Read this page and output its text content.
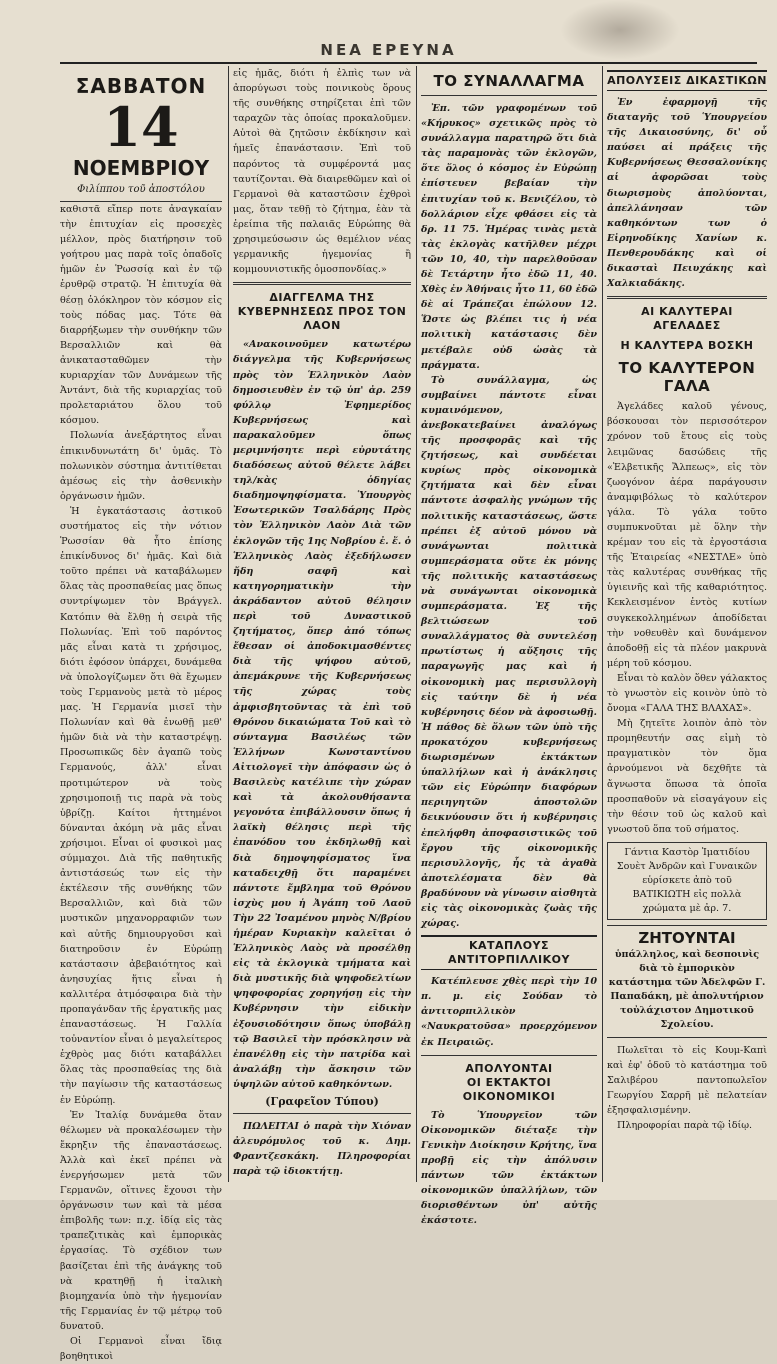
ΝΕΑ ΕΡΕΥΝΑ
ΣΑΒΒΑΤΟΝ
14
ΝΟΕΜΒΡΙΟΥ
Φιλίππου τοῦ ἀποστόλου

καθιστᾶ εἴπερ ποτε ἀναγκαίαν τὴν ἐπιτυχίαν εἰς προσεχὲς μέλλον, πρὸς διατήρησιν τοῦ γοήτρου μας παρὰ τοῖς ὀπαδοῖς ἡμῶν ἐν Ῥωσσίᾳ καὶ ἐν τῷ ἐρυθρῷ στρατῷ. Ἡ ἐπιτυχία θὰ θέσῃ ὁλόκληρον τὸν κόσμον εἰς τοὺς πόδας μας. Τότε θὰ διαρρήξωμεν τὴν συνθήκην τῶν Βερσαλλιῶν καὶ θὰ ἀνικατασταθῶμεν τὴν κυριαρχίαν τῶν Δυνάμεων τῆς Ἀντάντ, διὰ τῆς κυριαρχίας τοῦ προλεταριάτου ὅλου τοῦ κόσμου.

Πολωνία ἀνεξάρτητος εἶναι ἐπικινδυνωτάτη δι' ὑμᾶς. Τὸ πολωνικὸν σύστημα ἀντιτίθεται ἀμέσως εἰς τὴν ἀσθενικὴν ὀργάνωσιν ἡμῶν.

Ἡ ἐγκατάστασις ἀστικοῦ συστήματος εἰς τὴν νότιον Ῥωσσίαν θὰ ἦτο ἐπίσης ἐπικίνδυνος δι' ἡμᾶς. Καὶ διὰ τοῦτο πρέπει νὰ καταβάλωμεν ὅλας τὰς προσπαθείας μας ὅπως συντρίψωμεν τὸν Βράγγελ. Κατόπιν θὰ ἔλθῃ ἡ σειρὰ τῆς Πολωνίας. Ἐπὶ τοῦ παρόντος μᾶς εἶναι κατὰ τι χρήσιμος, διότι ἐφόσον ὑπάρχει, δυνάμεθα νὰ ὑπολογίζωμεν ὅτι θὰ ἔχωμεν τοὺς Γερμανοὺς μετὰ τὸ μέρος μας. Ἡ Γερμανία μισεῖ τὴν Πολωνίαν καὶ θὰ ἑνωθῇ μεθ' ἡμῶν διὰ νὰ τὴν καταστρέψῃ. Προσωπικῶς δὲν ἀγαπῶ τοὺς Γερμανούς, ἀλλ' εἶναι προτιμώτερον νὰ τοὺς χρησιμοποιῇ τις παρὰ νὰ τοὺς ὑβρίζῃ. Καίτοι ἡττημένοι δύνανται ἀκόμη νὰ μᾶς εἶναι χρήσιμοι. Εἶναι οἱ φυσικοὶ μας σύμμαχοι. Διὰ τῆς παθητικῆς ἀντιστάσεώς των εἰς τὴν ἐκτέλεσιν τῆς συνθήκης τῶν Βερσαλλιῶν, καὶ διὰ τῶν μυστικῶν μηχανορραφιῶν των καὶ αὐτῆς δημιουργοῦσι καὶ διατηροῦσιν ἐν Εὐρώπῃ κατάστασιν ἀβεβαιότητος καὶ ἀνησυχίας ἥτις εἶναι ἡ καλλιτέρα ἀτμόσφαιρα διὰ τὴν προπαγάνδαν τῆς ἐργατικῆς μας ἐπαναστάσεως. Ἡ Γαλλία τοὐναντίον εἶναι ὁ μεγαλείτερος ἐχθρὸς μας διότι καταβάλλει ὅλας τὰς προσπαθείας της διὰ τὴν παγίωσιν τῆς καταστάσεως ἐν Εὐρώπῃ.

Ἐν Ἰταλίᾳ δυνάμεθα ὅταν θέλωμεν νὰ προκαλέσωμεν τὴν ἔκρηξιν τῆς ἐπαναστάσεως. Ἀλλὰ καὶ ἐκεῖ πρέπει νὰ ἐνεργήσωμεν μετὰ τῶν Γερμανῶν, οἵτινες ἔχουσι τὴν ὀργάνωσιν των καὶ τὰ μέσα ἐπιβολῆς των: π.χ. ἰδίᾳ εἰς τὰς τραπεζιτικὰς καὶ ἐμπορικὰς ἐργασίας. Τὸ σχέδιον των βασίζεται ἐπὶ τῆς ἀνάγκης τοῦ νὰ κρατηθῇ ἡ ἰταλικὴ βιομηχανία ὑπὸ τὴν ἡγεμονίαν τῆς Γερμανίας ἐν τῷ μέτρῳ τοῦ δυνατοῦ.

Οἱ Γερμανοὶ εἶναι ἴδιᾳ βοηθητικοὶ

εἰς ἡμᾶς, διότι ἡ ἐλπὶς των νὰ ἀπορύγωσι τοὺς ποινικοὺς ὅρους τῆς συνθήκης στηρίζεται ἐπὶ τῶν ταραχῶν τὰς ὁποίας προκαλοῦμεν. Αὐτοὶ θὰ ζητῶσιν ἐκδίκησιν καὶ ἡμεῖς ἐπανάστασιν. Ἐπὶ τοῦ παρόντος τὰ συμφέροντά μας ταυτίζονται. Θὰ διαιρεθῶμεν καὶ οἱ Γερμανοὶ θὰ καταστῶσιν ἐχθροὶ μας, ὅταν τεθῇ τὸ ζήτημα, ἐὰν τὰ ἐρείπια τῆς παλαιᾶς Εὐρώπης θὰ χρησιμεύσωσιν ὡς θεμέλιον νέας γερμανικῆς ἡγεμονίας ἢ κομμουνιστικῆς ὁμοσπονδίας.»

ΔΙΑΓΓΕΛΜΑ ΤΗΣ ΚΥΒΕΡΝΗΣΕΩΣ ΠΡΟΣ ΤΟΝ ΛΑΟΝ

«Ανακοινοῦμεν κατωτέρω διάγγελμα τῆς Κυβερνήσεως πρὸς τὸν Ἑλληνικὸν Λαὸν δημοσιευθὲν ἐν τῷ ὑπ' ἀρ. 259 φύλλῳ Ἐφημερίδος Κυβερνήσεως καὶ παρακαλοῦμεν ὅπως μεριμνήσητε περὶ εὐρυτάτης διαδόσεως αὐτοῦ θέλετε λάβει τηλ/κὰς ὁδηγίας διαδημοψηφίσματα. Ὑπουργὸς Ἐσωτερικῶν Τσαλδάρης Πρὸς τὸν Ἑλληνικὸν Λαὸν Διὰ τῶν ἐκλογῶν τῆς 1ης Νοβρίου ἐ. ἔ. ὁ Ἑλληνικὸς Λαὸς ἐξεδήλωσεν ἤδη σαφῆ καὶ κατηγορηματικὴν τὴν ἀκράδαντον αὐτοῦ θέλησιν περὶ τοῦ Δυναστικοῦ ζητήματος, ὅπερ ἀπό τόπως ἔθεσαν οἱ ἀποδοκιμασθέντες διὰ τῆς ψήφου αὐτοῦ, ἀπεμάκρυνε τῆς Κυβερνήσεως τῆς χώρας τοὺς ἀμφισβητοῦντας τὰ ἐπὶ τοῦ Θρόνου δικαιώματα Τοῦ καὶ τὸ σύνταγμα Βασιλέως τῶν Ἑλλήνων Κωνσταντίνου Αἰτιολογεῖ τὴν ἀπόφασιν ὡς ὁ Βασιλεὺς κατέλιπε τὴν χώραν καὶ τὰ ἀκολουθήσαντα γεγονότα ἐπιβάλλουσιν ὅπως ἡ λαϊκὴ θέλησις περὶ τῆς ἐπανόδου του ἐκδηλωθῇ καὶ διὰ δημοψηφίσματος ἵνα καταδειχθῇ ὅτι παραμένει πάντοτε ἔμβλημα τοῦ Θρόνου ἰσχὺς μου ἡ Ἀγάπη τοῦ Λαοῦ Τὴν 22 Ἰσαμένου μηνὸς Ν/βρίου ἡμέραν Κυριακὴν καλεῖται ὁ Ἑλληνικὸς Λαὸς νὰ προσέλθῃ εἰς τὰ ἐκλογικὰ τμήματα καὶ διὰ μυστικῆς διὰ ψηφοδελτίων ψηφοφορίας χορηγήσῃ εἰς τὴν Κυβέρνησιν τὴν εἰδικὴν ἐξουσιοδότησιν ὅπως ὑποβάλῃ τῷ Βασιλεῖ τὴν πρόσκλησιν νὰ ἐπανέλθῃ εἰς τὴν πατρίδα καὶ ἀναλάβῃ τὴν ἄσκησιν τῶν ὑψηλῶν αὐτοῦ καθηκόντων.

(Γραφεῖον Τύπου)

ΠΩΛΕΙΤΑΙ ὁ παρὰ τὴν Χιόναν ἀλευρόμυλος τοῦ κ. Δημ. Φραντζεσκάκη. Πληροφορίαι παρὰ τῷ ἰδιοκτήτῃ.

ΤΟ ΣΥΝΑΛΛΑΓΜΑ

Ἐπ. τῶν γραφομένων τοῦ «Κήρυκος» σχετικῶς πρὸς τὸ συνάλλαγμα παρατηρῶ ὅτι διὰ τὰς παραμονὰς τῶν ἐκλογῶν, ὅτε ὅλος ὁ κόσμος ἐν Εὐρώπῃ ἐπίστευεν βεβαίαν τὴν ἐπιτυχίαν τοῦ κ. Βενιζέλου, τὸ δολλάριον εἶχε φθάσει εἰς τὰ δρ. 11 75. Ἡμέρας τινὰς μετὰ τὰς ἐκλογὰς κατῆλθεν μέχρι τῶν 10, 40, τὴν παρελθοῦσαν δὲ Τετάρτην ἦτο ἐδῶ 11, 40. Χθὲς ἐν Ἀθήναις ἦτο 11, 60 ἐδῶ δὲ αἱ Τράπεζαι ἐπώλουν 12. Ὥστε ὡς βλέπει τις ἡ νέα πολιτικὴ κατάστασις δὲν μετέβαλε οὐδ ὡσὰς τὰ πράγματα.

Τὸ συνάλλαγμα, ὡς συμβαίνει πάντοτε εἶναι κυμαινόμενον, ἀνεβοκατεβαίνει ἀναλόγως τῆς προσφορᾶς καὶ τῆς ζητήσεως, καὶ συνδέεται κυρίως πρὸς οἰκονομικὰ ζητήματα καὶ δὲν εἶναι πάντοτε ἀσφαλὴς γνώμων τῆς πολιτικῆς καταστάσεως, ὥστε πρέπει ἐξ αὐτοῦ μόνου νὰ συνάγωνται πολιτικὰ συμπεράσματα οὔτε ἐκ μόνης τῆς πολιτικῆς καταστάσεως νὰ συνάγωνται οἰκονομικὰ συμπεράσματα. Ἐξ τῆς βελτιώσεων τοῦ συναλλάγματος θὰ συντελέσῃ πρωτίστως ἡ αὔξησις τῆς παραγωγῆς μας καὶ ἡ οἰκονομικὴ μας περισυλλογὴ εἰς ταύτην δὲ ἡ νέα κυβέρνησις δέον νὰ ἀφοσιωθῇ. Ἡ πάθος δὲ ὅλων τῶν ὑπὸ τῆς προκατόχου κυβερνήσεως διωρισμένων ἐκτάκτων ὑπαλλήλων καὶ ἡ ἀνάκλησις τῶν εἰς Εὐρώπην διαφόρων περιηγητῶν ἀποστολῶν δεικνύουσιν ὅτι ἡ κυβέρνησις ἐπελήφθη ἀποφασιστικῶς τοῦ ἔργου τῆς οἰκονομικῆς περισυλλογῆς, ἧς τὰ ἀγαθὰ ἀποτελέσματα δὲν θὰ βραδύνουν νὰ γίνωσιν αἰσθητὰ εἰς τὰς οἰκονομικὰς ζωὰς τῆς χώρας.

ΚΑΤΑΠΛΟΥΣ ΑΝΤΙΤΟΡΠΙΛΛΙΚΟΥ

Κατέπλευσε χθὲς περὶ τὴν 10 π. μ. εἰς Σούδαν τὸ ἀντιτορπιλλικὸν «Ναυκρατοῦσα» προερχόμενον ἐκ Πειραιῶς.

ΑΠΟΛΥΟΝΤΑΙ
ΟΙ ΕΚΤΑΚΤΟΙ ΟΙΚΟΝΟΜΙΚΟΙ

Τὸ Ὑπουργεῖον τῶν Οἰκονομικῶν διέταξε τὴν Γενικὴν Διοίκησιν Κρήτης, ἵνα προβῇ εἰς τὴν ἀπόλυσιν πάντων τῶν ἐκτάκτων οἰκονομικῶν ὑπαλλήλων, τῶν διορισθέντων ὑπ' αὐτῆς ἐκάστοτε.

ΑΠΟΛΥΣΕΙΣ ΔΙΚΑΣΤΙΚΩΝ

Ἐν ἐφαρμογῇ τῆς διαταγῆς τοῦ Ὑπουργείου τῆς Δικαιοσύνης, δι' οὗ παύσει αἱ πράξεις τῆς Κυβερνήσεως Θεσσαλονίκης αἱ ἀφορῶσαι τοὺς διωρισμοὺς ἀπολύονται, ἀπελλάνησαν τῶν καθηκόντων των ὁ Εἰρηνοδίκης Χανίων κ. Πενθερουδάκης καὶ οἱ δικασταὶ Πειυχάκης καὶ Χαλκιαδάκης.

ΑΙ ΚΑΛΥΤΕΡΑΙ ΑΓΕΛΑΔΕΣ
Η ΚΑΛΥΤΕΡΑ ΒΟΣΚΗ
ΤΟ ΚΑΛΥΤΕΡΟΝ ΓΑΛΑ

Ἀγελάδες καλοῦ γένους, βόσκουσαι τὸν περισσότερον χρόνον τοῦ ἔτους εἰς τοὺς λειμῶνας δασώδεις τῆς «Ἑλβετικῆς Ἄλπεως», εἰς τὸν ζωογόνον ἀέρα παράγουσιν ἀναμφιβόλως τὸ καλύτερον γάλα. Τὸ γάλα τοῦτο συμπυκνοῦται μὲ ὅλην τὴν κρέμαν του εἰς τὰ ἐργοστάσια τῆς Ἑταιρείας «ΝΕΣΤΛΕ» ὑπὸ τὰς καλυτέρας συνθήκας τῆς ὑγιεινῆς καὶ τῆς καθαριότητος. Κεκλεισμένον ἐντὸς κυτίων συγκεκολλημένων ἀποδίδεται τὴν νοθευθὲν καὶ δυνάμενον ἀποδοθῇ εἰς τὰ πλέον μακρυνὰ μέρη τοῦ κόσμου.

Εἶναι τὸ καλὸν ὅθεν γάλακτος τὸ γνωστὸν εἰς κοινὸν ὑπὸ τὸ ὄνομα «ΓΑΛΑ ΤΗΣ ΒΛΑΧΑΣ».

Μὴ ζητεῖτε λοιπὸν ἀπὸ τὸν προμηθευτήν σας εἰμὴ τὸ πραγματικὸν τὸν ὅμα ἀρνούμενοι νὰ δεχθῆτε τὰ ἄγνωστα ὅπωσα τὰ ὁποῖα προσπαθοῦν νὰ εἰσαγάγουν εἰς τὴν θέσιν τοῦ ὡς καλοῦ καὶ γνωστοῦ ὅπα τοῦ σήματος.

Γάντια Καστὸρ Ἱματιδίου Σουὲτ Ἀνδρῶν καὶ Γυναικῶν εὑρίσκετε ἀπὸ τοῦ ΒΑΤΙΚΙΩΤΗ εἰς πολλὰ χρώματα μὲ ἀρ. 7.
ΖΗΤΟΥΝΤΑΙ ὑπάλληλος, καὶ δεσποινὶς διὰ τὸ ἐμπορικὸν κατάστημα τῶν Ἀδελφῶν Γ. Παπαδάκη, μὲ ἀπολυτήριον τοὐλάχιστον Δημοτικοῦ Σχολείου.

Πωλεῖται τὸ εἰς Κουμ-Καπὶ καὶ ἐφ' ὁδοῦ τὸ κατάστημα τοῦ Σαλιβέρου παντοπωλεῖον Γεωργίου Σαρρῆ μὲ πελατείαν ἐξησφαλισμένην.

Πληροφορίαι παρὰ τῷ ἰδίῳ.
